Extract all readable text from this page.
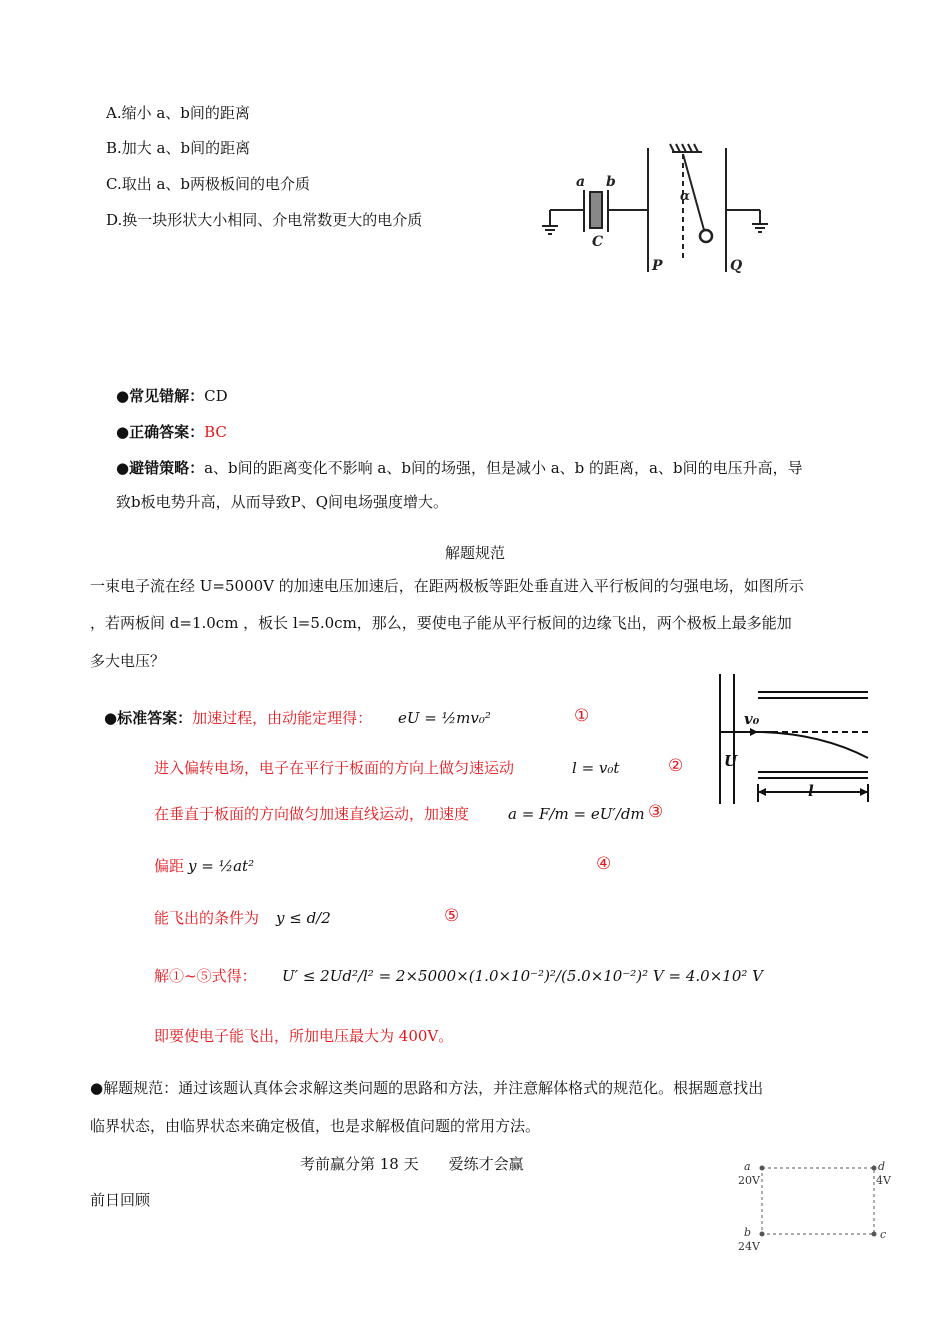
A.缩小 a、b间的距离
B.加大 a、b间的距离
C.取出 a、b两极板间的电介质
D.换一块形状大小相同、介电常数更大的电介质
a b
C
P	Q
α
●常见错解：CD
●正确答案：BC
●避错策略：a、b间的距离变化不影响 a、b间的场强，但是减小 a、b 的距离，a、b间的电压升高，导
致b板电势升高，从而导致P、Q间电场强度增大。
解题规范
一束电子流在经 U=5000V 的加速电压加速后，在距两极板等距处垂直进入平行板间的匀强电场，如图所示
，若两板间 d=1.0cm ，板长 l=5.0cm，那么，要使电子能从平行板间的边缘飞出，两个极板上最多能加
多大电压？
v₀
U
l
●标准答案：加速过程，由动能定理得： eU = ½mv₀²	①
进入偏转电场，电子在平行于板面的方向上做匀速运动	l = v₀t	②
在垂直于板面的方向做匀加速直线运动，加速度	a = F/m = eU′/dm ③
偏距 y = ½at²	④
能飞出的条件为 y ≤ d/2	⑤
解①~⑤式得： U′ ≤ 2Ud²/l² = 2×5000×(1.0×10⁻²)²/(5.0×10⁻²)² V = 4.0×10² V
即要使电子能飞出，所加电压最大为 400V。
●解题规范：通过该题认真体会求解这类问题的思路和方法，并注意解体格式的规范化。根据题意找出
临界状态，由临界状态来确定极值，也是求解极值问题的常用方法。
考前赢分第 18 天　　爱练才会赢
前日回顾
a	d
20V	4V
b	c
24V
